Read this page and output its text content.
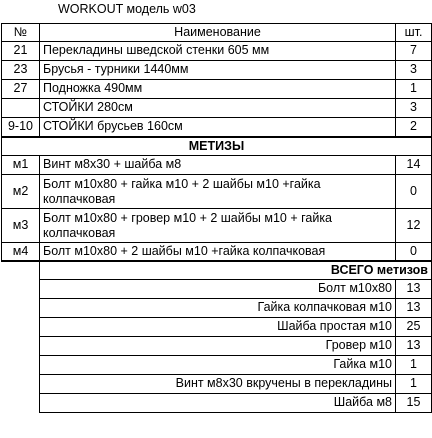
WORKOUT модель w03
№	Наименование	шт.
21	Перекладины шведской стенки 605 мм	7
23	Брусья - турники 1440мм	3
27	Подножка 490мм	1
	СТОЙКИ 280см	3
9-10	СТОЙКИ брусьев 160см	2
МЕТИЗЫ		
м1	Винт м8х30 + шайба м8	14
м2	Болт м10х80 + гайка м10 + 2 шайбы м10 +гайка колпачковая	0
м3	Болт м10х80 + гровер м10 + 2 шайбы м10 + гайка колпачковая	12
м4	Болт м10х80 + 2 шайбы м10 +гайка колпачковая	0
	ВСЕГО метизов	
	Болт м10х80	13
	Гайка колпачковая м10	13
	Шайба простая м10	25
	Гровер м10	13
	Гайка м10	1
	Винт м8х30 вкручены в перекладины	1
	Шайба м8	15
